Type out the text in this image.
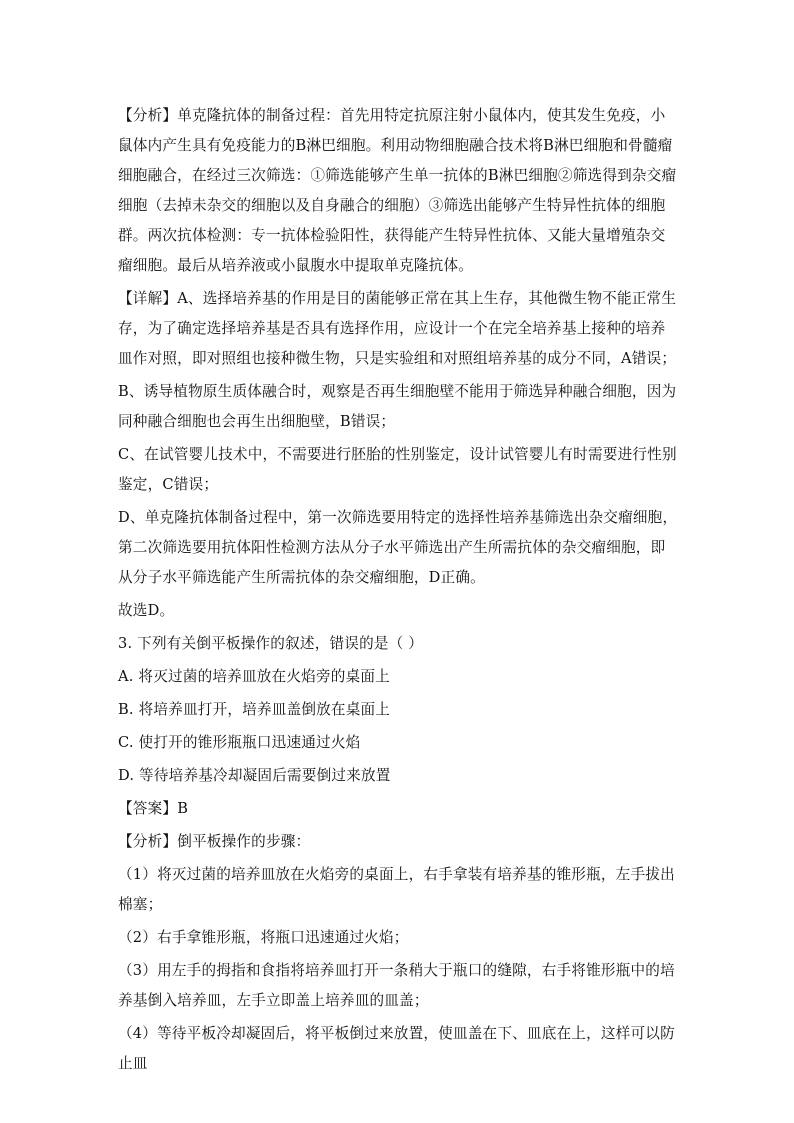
【分析】单克隆抗体的制备过程：首先用特定抗原注射小鼠体内，使其发生免疫，小鼠体内产生具有免疫能力的B淋巴细胞。利用动物细胞融合技术将B淋巴细胞和骨髓瘤细胞融合，在经过三次筛选：①筛选能够产生单一抗体的B淋巴细胞②筛选得到杂交瘤细胞（去掉未杂交的细胞以及自身融合的细胞）③筛选出能够产生特异性抗体的细胞群。两次抗体检测：专一抗体检验阳性，获得能产生特异性抗体、又能大量增殖杂交瘤细胞。最后从培养液或小鼠腹水中提取单克隆抗体。

【详解】A、选择培养基的作用是目的菌能够正常在其上生存，其他微生物不能正常生存，为了确定选择培养基是否具有选择作用，应设计一个在完全培养基上接种的培养皿作对照，即对照组也接种微生物，只是实验组和对照组培养基的成分不同，A错误；

B、诱导植物原生质体融合时，观察是否再生细胞壁不能用于筛选异种融合细胞，因为同种融合细胞也会再生出细胞壁，B错误；

C、在试管婴儿技术中，不需要进行胚胎的性别鉴定，设计试管婴儿有时需要进行性别鉴定，C错误；

D、单克隆抗体制备过程中，第一次筛选要用特定的选择性培养基筛选出杂交瘤细胞，第二次筛选要用抗体阳性检测方法从分子水平筛选出产生所需抗体的杂交瘤细胞，即从分子水平筛选能产生所需抗体的杂交瘤细胞，D正确。

故选D。

3. 下列有关倒平板操作的叙述，错误的是（ ）

A. 将灭过菌的培养皿放在火焰旁的桌面上

B. 将培养皿打开，培养皿盖倒放在桌面上

C. 使打开的锥形瓶瓶口迅速通过火焰

D. 等待培养基冷却凝固后需要倒过来放置

【答案】B

【分析】倒平板操作的步骤：

（1）将灭过菌的培养皿放在火焰旁的桌面上，右手拿装有培养基的锥形瓶，左手拔出棉塞；

（2）右手拿锥形瓶，将瓶口迅速通过火焰；

（3）用左手的拇指和食指将培养皿打开一条稍大于瓶口的缝隙，右手将锥形瓶中的培养基倒入培养皿，左手立即盖上培养皿的皿盖；

（4）等待平板冷却凝固后，将平板倒过来放置，使皿盖在下、皿底在上，这样可以防止皿
